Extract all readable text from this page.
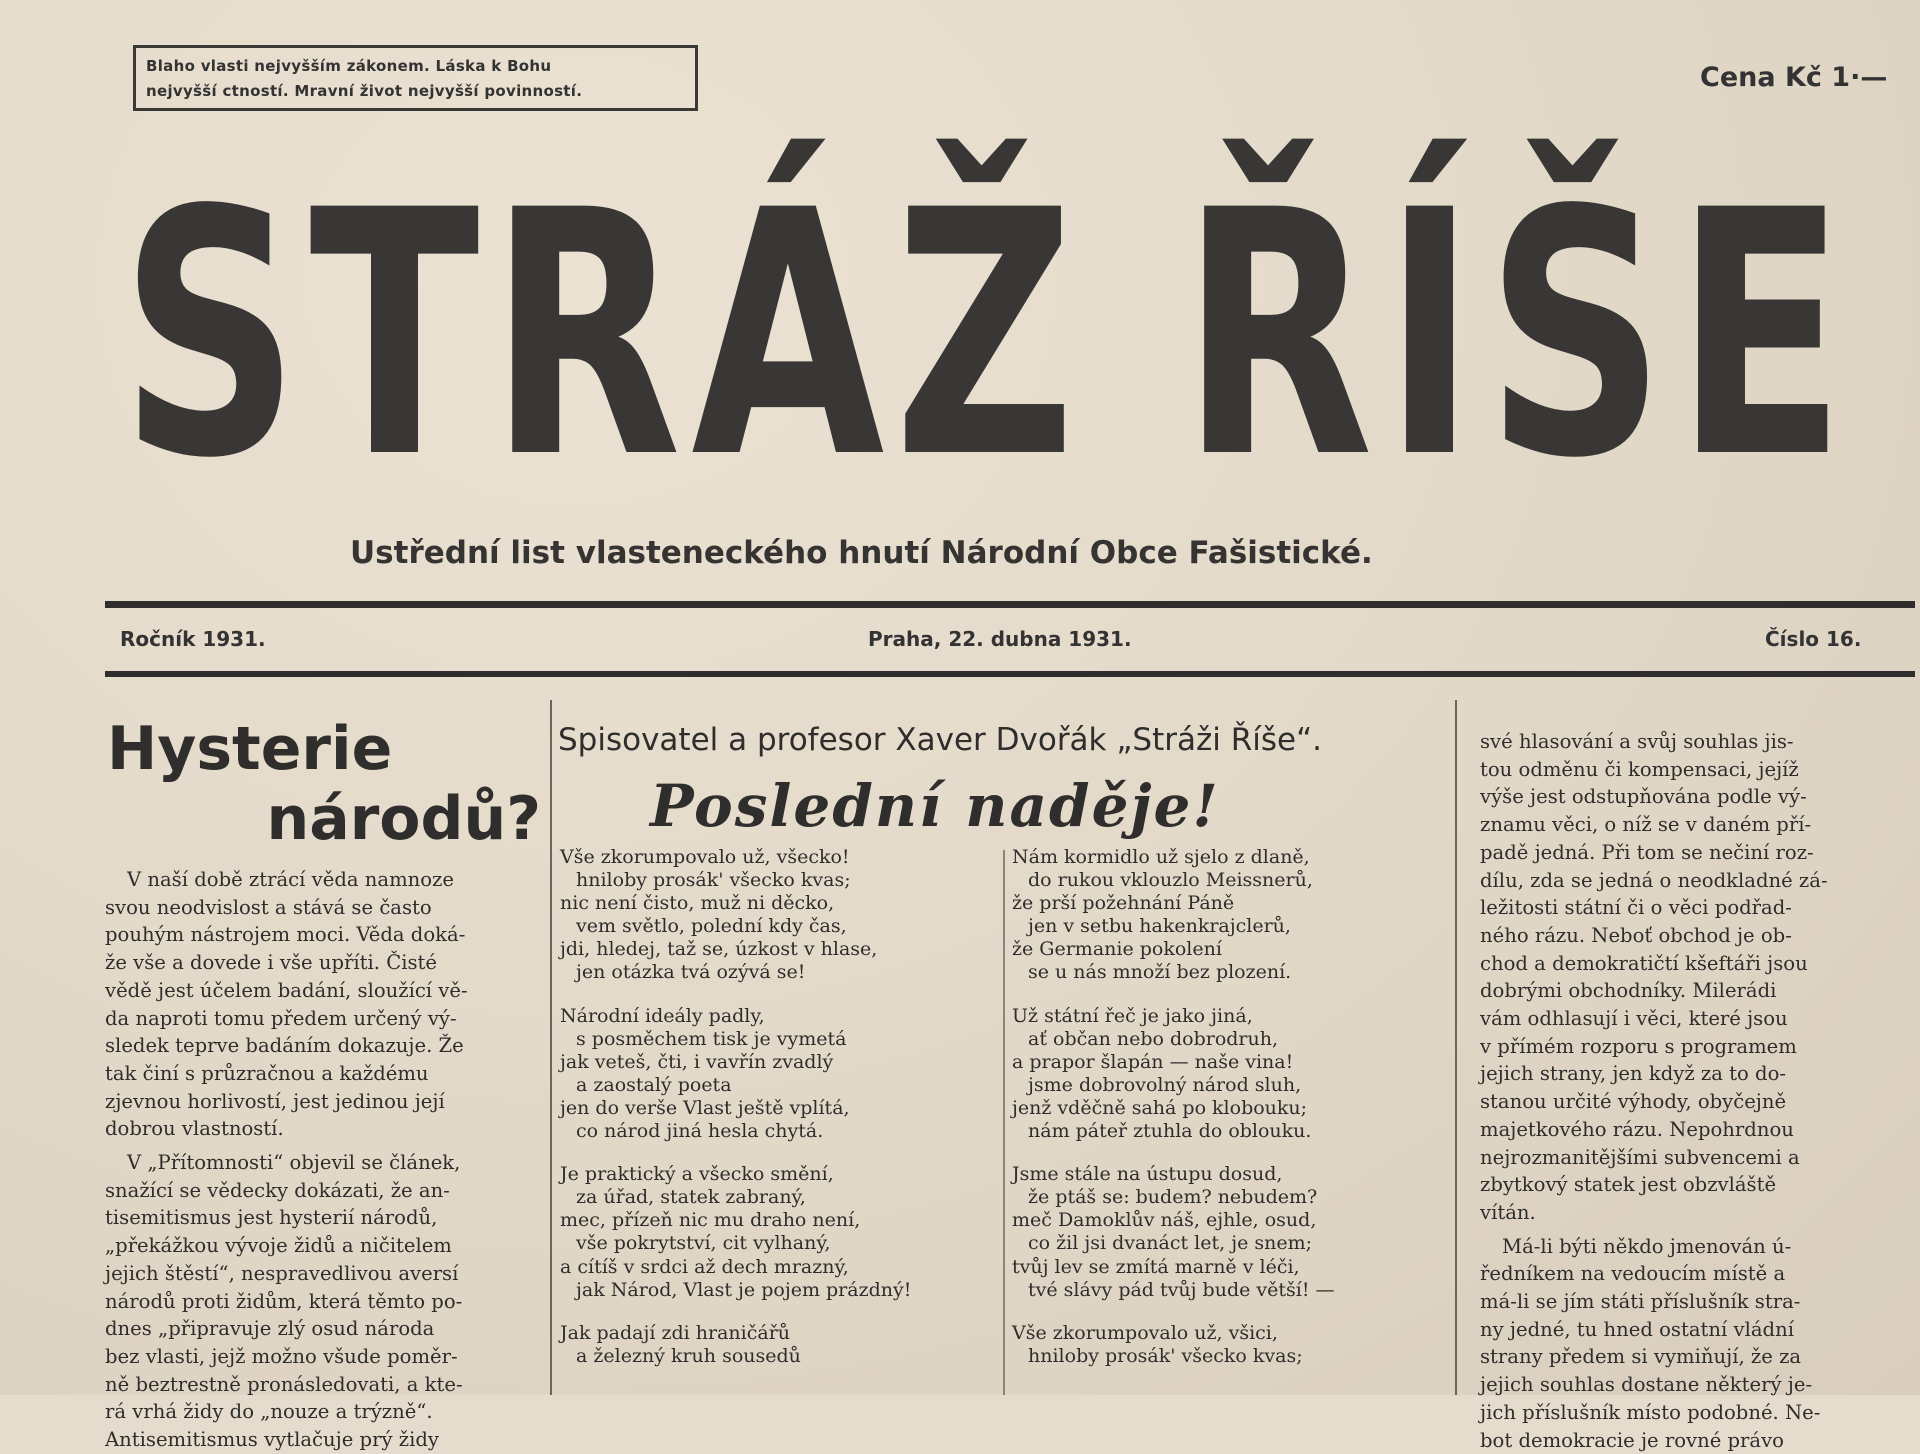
Blaho vlasti nejvyšším zákonem. Láska k Bohu
nejvyšší ctností. Mravní život nejvyšší povinností.	Cena Kč 1·—
STRÁŽ ŘÍŠE
Ustřední list vlasteneckého hnutí Národní Obce Fašistické.
Ročník 1931.	Praha, 22. dubna 1931.	Číslo 16.
Hysterie
národů?

V naší době ztrácí věda namnoze
svou neodvislost a stává se často
pouhým nástrojem moci. Věda doká-
že vše a dovede i vše upříti. Čisté
vědě jest účelem badání, sloužící vě-
da naproti tomu předem určený vý-
sledek teprve badáním dokazuje. Že
tak činí s průzračnou a každému
zjevnou horlivostí, jest jedinou její
dobrou vlastností.

V „Přítomnosti“ objevil se článek,
snažící se vědecky dokázati, že an-
tisemitismus jest hysterií národů,
„překážkou vývoje židů a ničitelem
jejich štěstí“, nespravedlivou aversí
národů proti židům, která těmto po-
dnes „připravuje zlý osud národa
bez vlasti, jejž možno všude poměr-
ně beztrestně pronásledovati, a kte-
rá vrhá židy do „nouze a trýzně“.
Antisemitismus vytlačuje prý židy

Spisovatel a profesor Xaver Dvořák „Stráži Říše“.
Poslední naděje!
Vše zkorumpovalo už, všecko!
hniloby prosák' všecko kvas;
nic není čisto, muž ni děcko,
vem světlo, polední kdy čas,
jdi, hledej, taž se, úzkost v hlase,
jen otázka tvá ozývá se!
Národní ideály padly,
s posměchem tisk je vymetá
jak veteš, čti, i vavřín zvadlý
a zaostalý poeta
jen do verše Vlast ještě vplítá,
co národ jiná hesla chytá.
Je praktický a všecko smění,
za úřad, statek zabraný,
mec, přízeň nic mu draho není,
vše pokrytství, cit vylhaný,
a cítíš v srdci až dech mrazný,
jak Národ, Vlast je pojem prázdný!
Jak padají zdi hraničářů
a železný kruh sousedů
Nám kormidlo už sjelo z dlaně,
do rukou vklouzlo Meissnerů,
že prší požehnání Páně
jen v setbu hakenkrajclerů,
že Germanie pokolení
se u nás množí bez plození.
Už státní řeč je jako jiná,
ať občan nebo dobrodruh,
a prapor šlapán — naše vina!
jsme dobrovolný národ sluh,
jenž vděčně sahá po klobouku;
nám páteř ztuhla do oblouku.
Jsme stále na ústupu dosud,
že ptáš se: budem? nebudem?
meč Damoklův náš, ejhle, osud,
co žil jsi dvanáct let, je snem;
tvůj lev se zmítá marně v léči,
tvé slávy pád tvůj bude větší! —
Vše zkorumpovalo už, všici,
hniloby prosák' všecko kvas;

své hlasování a svůj souhlas jis-
tou odměnu či kompensaci, jejíž
výše jest odstupňována podle vý-
znamu věci, o níž se v daném pří-
padě jedná. Při tom se nečiní roz-
dílu, zda se jedná o neodkladné zá-
ležitosti státní či o věci podřad-
ného rázu. Neboť obchod je ob-
chod a demokratičtí kšeftáři jsou
dobrými obchodníky. Milerádi
vám odhlasují i věci, které jsou
v přímém rozporu s programem
jejich strany, jen když za to do-
stanou určité výhody, obyčejně
majetkového rázu. Nepohrdnou
nejrozmanitějšími subvencemi a
zbytkový statek jest obzvláště
vítán.

Má-li býti někdo jmenován ú-
ředníkem na vedoucím místě a
má-li se jím státi příslušník stra-
ny jedné, tu hned ostatní vládní
strany předem si vymiňují, že za
jejich souhlas dostane některý je-
jich příslušník místo podobné. Ne-
bot demokracie je rovné právo
